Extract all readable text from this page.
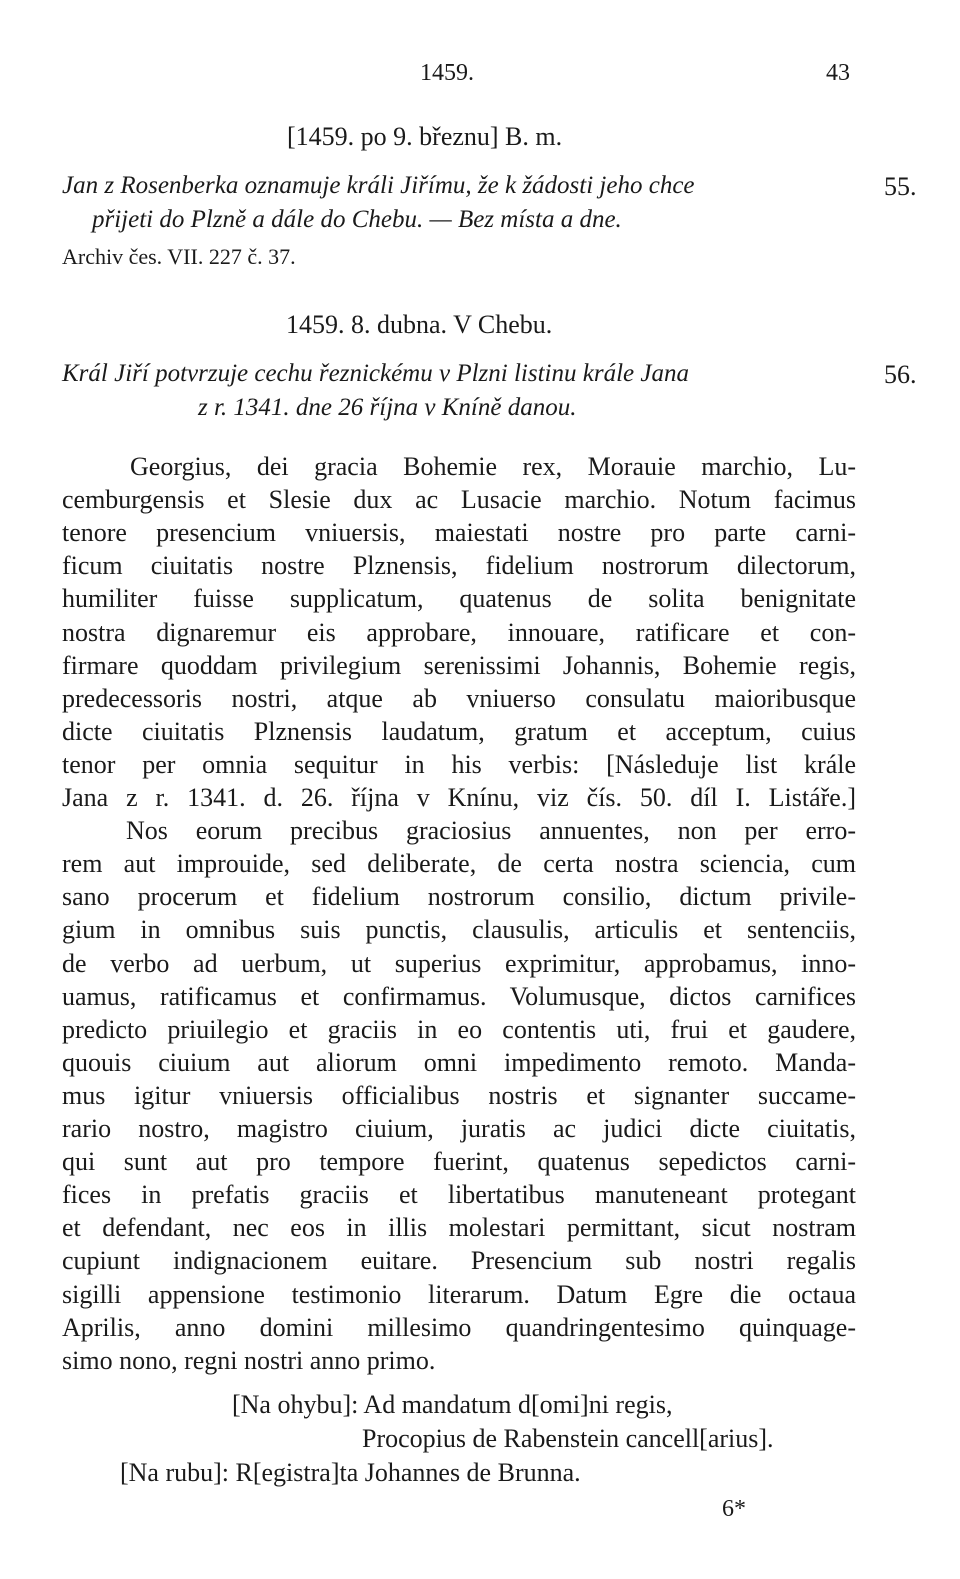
1459.	43
[1459. po 9. březnu] B. m.
Jan z Rosenberka oznamuje králi Jiřímu, že k žádosti jeho chce	55.
přijeti do Plzně a dále do Chebu. — Bez místa a dne.
Archiv čes. VII. 227 č. 37.
1459. 8. dubna. V Chebu.
Král Jiří potvrzuje cechu řeznickému v Plzni listinu krále Jana	56.
z r. 1341. dne 26 října v Kníně danou.
Georgius, dei gracia Bohemie rex, Morauie marchio, Lu-
cemburgensis et Slesie dux ac Lusacie marchio. Notum facimus
tenore presencium vniuersis, maiestati nostre pro parte carni-
ficum ciuitatis nostre Plznensis, fidelium nostrorum dilectorum,
humiliter fuisse supplicatum, quatenus de solita benignitate
nostra dignaremur eis approbare, innouare, ratificare et con-
firmare quoddam privilegium serenissimi Johannis, Bohemie regis,
predecessoris nostri, atque ab vniuerso consulatu maioribusque
dicte ciuitatis Plznensis laudatum, gratum et acceptum, cuius
tenor per omnia sequitur in his verbis: [Následuje list krále
Jana z r. 1341. d. 26. října v Knínu, viz čís. 50. díl I. Listáře.]
Nos eorum precibus graciosius annuentes, non per erro-
rem aut improuide, sed deliberate, de certa nostra sciencia, cum
sano procerum et fidelium nostrorum consilio, dictum privile-
gium in omnibus suis punctis, clausulis, articulis et sentenciis,
de verbo ad uerbum, ut superius exprimitur, approbamus, inno-
uamus, ratificamus et confirmamus. Volumusque, dictos carnifices
predicto priuilegio et graciis in eo contentis uti, frui et gaudere,
quouis ciuium aut aliorum omni impedimento remoto. Manda-
mus igitur vniuersis officialibus nostris et signanter succame-
rario nostro, magistro ciuium, juratis ac judici dicte ciuitatis,
qui sunt aut pro tempore fuerint, quatenus sepedictos carni-
fices in prefatis graciis et libertatibus manuteneant protegant
et defendant, nec eos in illis molestari permittant, sicut nostram
cupiunt indignacionem euitare. Presencium sub nostri regalis
sigilli appensione testimonio literarum. Datum Egre die octaua
Aprilis, anno domini millesimo quandringentesimo quinquage-
simo nono, regni nostri anno primo.
[Na ohybu]: Ad mandatum d[omi]ni regis,
Procopius de Rabenstein cancell[arius].
[Na rubu]: R[egistra]ta Johannes de Brunna.
6*
